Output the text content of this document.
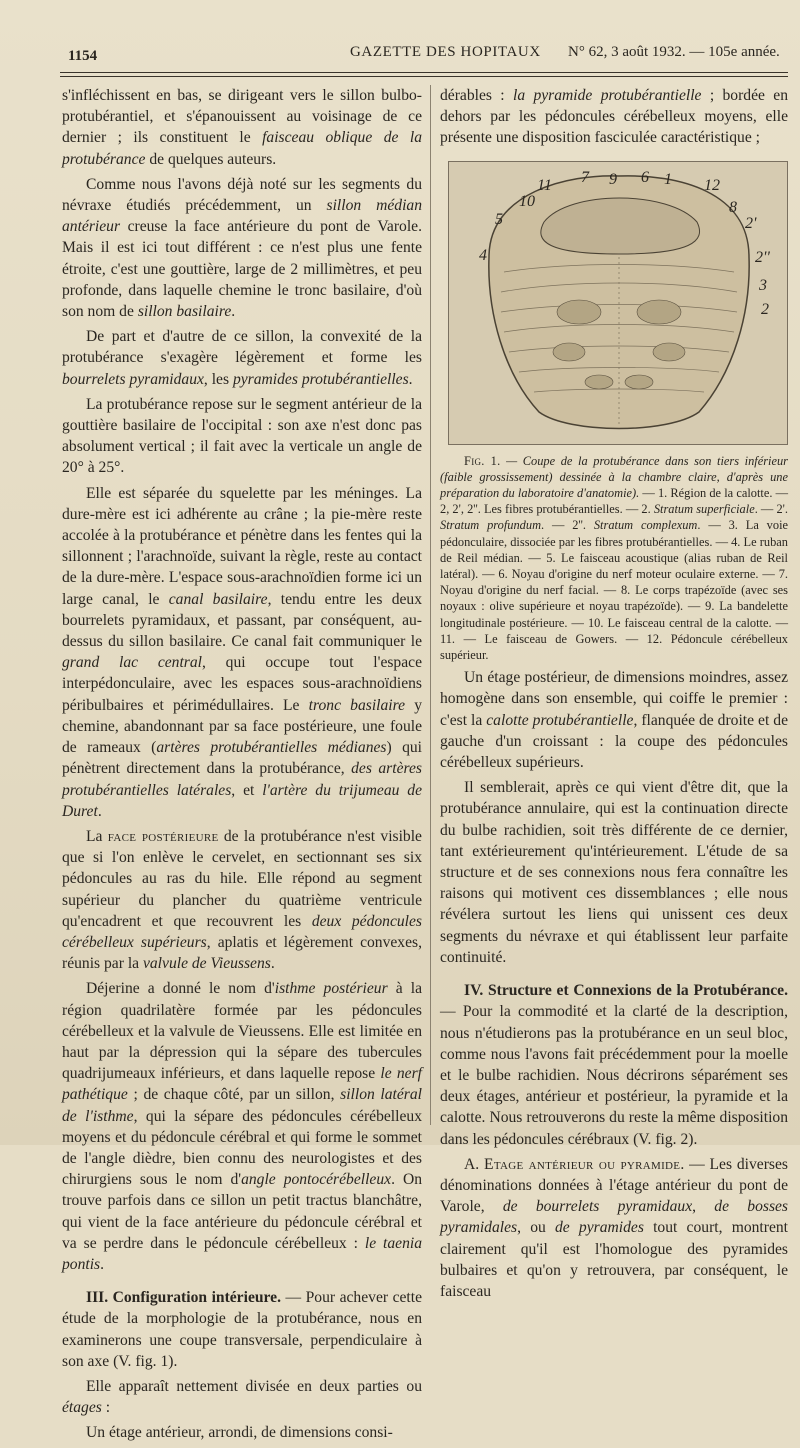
1154	GAZETTE DES HOPITAUX N° 62, 3 août 1932. — 105e année.

s'infléchissent en bas, se dirigeant vers le sillon bulbo-protubérantiel, et s'épanouissent au voisinage de ce dernier ; ils constituent le faisceau oblique de la protubérance de quelques auteurs.

Comme nous l'avons déjà noté sur les segments du névraxe étudiés précédemment, un sillon médian antérieur creuse la face antérieure du pont de Varole. Mais il est ici tout différent : ce n'est plus une fente étroite, c'est une gouttière, large de 2 millimètres, et peu profonde, dans laquelle chemine le tronc basilaire, d'où son nom de sillon basilaire.

De part et d'autre de ce sillon, la convexité de la protubérance s'exagère légèrement et forme les bourrelets pyramidaux, les pyramides protubérantielles.

La protubérance repose sur le segment antérieur de la gouttière basilaire de l'occipital : son axe n'est donc pas absolument vertical ; il fait avec la verticale un angle de 20° à 25°.

Elle est séparée du squelette par les méninges. La dure-mère est ici adhérente au crâne ; la pie-mère reste accolée à la protubérance et pénètre dans les fentes qui la sillonnent ; l'arachnoïde, suivant la règle, reste au contact de la dure-mère. L'espace sous-arachnoïdien forme ici un large canal, le canal basilaire, tendu entre les deux bourrelets pyramidaux, et passant, par conséquent, au-dessus du sillon basilaire. Ce canal fait communiquer le grand lac central, qui occupe tout l'espace interpédonculaire, avec les espaces sous-arachnoïdiens péribulbaires et périmédullaires. Le tronc basilaire y chemine, abandonnant par sa face postérieure, une foule de rameaux (artères protubérantielles médianes) qui pénètrent directement dans la protubérance, des artères protubérantielles latérales, et l'artère du trijumeau de Duret.

La face postérieure de la protubérance n'est visible que si l'on enlève le cervelet, en sectionnant ses six pédoncules au ras du hile. Elle répond au segment supérieur du plancher du quatrième ventricule qu'encadrent et que recouvrent les deux pédoncules cérébelleux supérieurs, aplatis et légèrement convexes, réunis par la valvule de Vieussens.

Déjerine a donné le nom d'isthme postérieur à la région quadrilatère formée par les pédoncules cérébelleux et la valvule de Vieussens. Elle est limitée en haut par la dépression qui la sépare des tubercules quadrijumeaux inférieurs, et dans laquelle repose le nerf pathétique ; de chaque côté, par un sillon, sillon latéral de l'isthme, qui la sépare des pédoncules cérébelleux moyens et du pédoncule cérébral et qui forme le sommet de l'angle dièdre, bien connu des neurologistes et des chirurgiens sous le nom d'angle pontocérébelleux. On trouve parfois dans ce sillon un petit tractus blanchâtre, qui vient de la face antérieure du pédoncule cérébral et va se perdre dans le pédoncule cérébelleux : le taenia pontis.

III. Configuration intérieure. — Pour achever cette étude de la morphologie de la protubérance, nous en examinerons une coupe transversale, perpendiculaire à son axe (V. fig. 1).

Elle apparaît nettement divisée en deux parties ou étages :

Un étage antérieur, arrondi, de dimensions consi-

dérables : la pyramide protubérantielle ; bordée en dehors par les pédoncules cérébelleux moyens, elle présente une disposition fasciculée caractéristique ;

11 7 9 6 1 12
10	8
2'
5
2''
4
3
2

Fig. 1. — Coupe de la protubérance dans son tiers inférieur (faible grossissement) dessinée à la chambre claire, d'après une préparation du laboratoire d'anatomie). — 1. Région de la calotte. — 2, 2', 2''. Les fibres protubérantielles. — 2. Stratum superficiale. — 2'. Stratum profundum. — 2''. Stratum complexum. — 3. La voie pédonculaire, dissociée par les fibres protubérantielles. — 4. Le ruban de Reil médian. — 5. Le faisceau acoustique (alias ruban de Reil latéral). — 6. Noyau d'origine du nerf moteur oculaire externe. — 7. Noyau d'origine du nerf facial. — 8. Le corps trapézoïde (avec ses noyaux : olive supérieure et noyau trapézoïde). — 9. La bandelette longitudinale postérieure. — 10. Le faisceau central de la calotte. — 11. — Le faisceau de Gowers. — 12. Pédoncule cérébelleux supérieur.

Un étage postérieur, de dimensions moindres, assez homogène dans son ensemble, qui coiffe le premier : c'est la calotte protubérantielle, flanquée de droite et de gauche d'un croissant : la coupe des pédoncules cérébelleux supérieurs.

Il semblerait, après ce qui vient d'être dit, que la protubérance annulaire, qui est la continuation directe du bulbe rachidien, soit très différente de ce dernier, tant extérieurement qu'intérieurement. L'étude de sa structure et de ses connexions nous fera connaître les raisons qui motivent ces dissemblances ; elle nous révélera surtout les liens qui unissent ces deux segments du névraxe et qui établissent leur parfaite continuité.

IV. Structure et Connexions de la Protubérance. — Pour la commodité et la clarté de la description, nous n'étudierons pas la protubérance en un seul bloc, comme nous l'avons fait précédemment pour la moelle et le bulbe rachidien. Nous décrirons séparément ses deux étages, antérieur et postérieur, la pyramide et la calotte. Nous retrouverons du reste la même disposition dans les pédoncules cérébraux (V. fig. 2).

A. Etage antérieur ou pyramide. — Les diverses dénominations données à l'étage antérieur du pont de Varole, de bourrelets pyramidaux, de bosses pyramidales, ou de pyramides tout court, montrent clairement qu'il est l'homologue des pyramides bulbaires et qu'on y retrouvera, par conséquent, le faisceau
